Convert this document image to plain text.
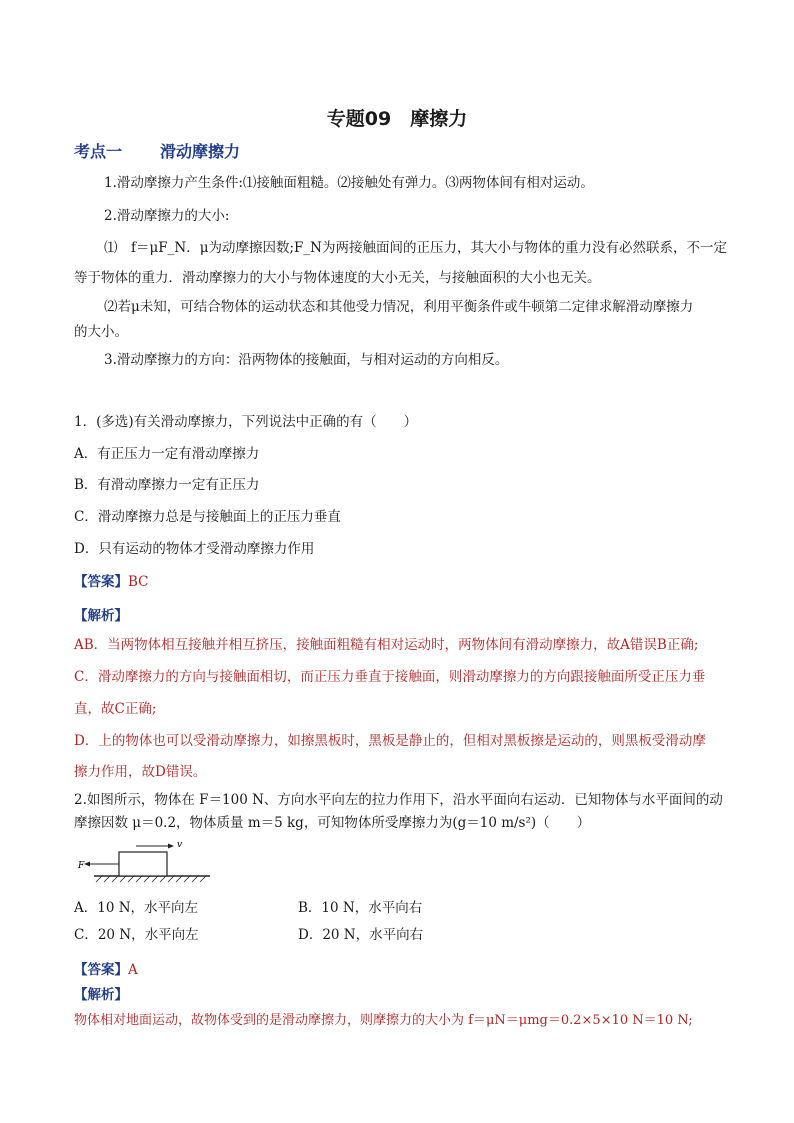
专题09　摩擦力
考点一 滑动摩擦力
1.滑动摩擦力产生条件:⑴接触面粗糙。⑵接触处有弹力。⑶两物体间有相对运动。
2.滑动摩擦力的大小:
⑴　f＝μF_N．μ为动摩擦因数;F_N为两接触面间的正压力，其大小与物体的重力没有必然联系，不一定
等于物体的重力．滑动摩擦力的大小与物体速度的大小无关，与接触面积的大小也无关。
⑵若μ未知，可结合物体的运动状态和其他受力情况，利用平衡条件或牛顿第二定律求解滑动摩擦力
的大小。
3.滑动摩擦力的方向：沿两物体的接触面，与相对运动的方向相反。
1．(多选)有关滑动摩擦力，下列说法中正确的有（　　）
A．有正压力一定有滑动摩擦力
B．有滑动摩擦力一定有正压力
C．滑动摩擦力总是与接触面上的正压力垂直
D．只有运动的物体才受滑动摩擦力作用
【答案】BC
【解析】
AB．当两物体相互接触并相互挤压，接触面粗糙有相对运动时，两物体间有滑动摩擦力，故A错误B正确;
C．滑动摩擦力的方向与接触面相切，而正压力垂直于接触面，则滑动摩擦力的方向跟接触面所受正压力垂
直，故C正确;
D．上的物体也可以受滑动摩擦力，如擦黑板时，黑板是静止的，但相对黑板擦是运动的，则黑板受滑动摩
擦力作用，故D错误。
2.如图所示，物体在 F＝100 N、方向水平向左的拉力作用下，沿水平面向右运动．已知物体与水平面间的动
摩擦因数 μ＝0.2，物体质量 m＝5 kg，可知物体所受摩擦力为(g＝10 m/s²)（　　）
F
v
A．10 N，水平向左	B．10 N，水平向右
C．20 N，水平向左	D．20 N，水平向右
【答案】A
【解析】
物体相对地面运动，故物体受到的是滑动摩擦力，则摩擦力的大小为 f＝μN＝μmg＝0.2×5×10 N＝10 N;
